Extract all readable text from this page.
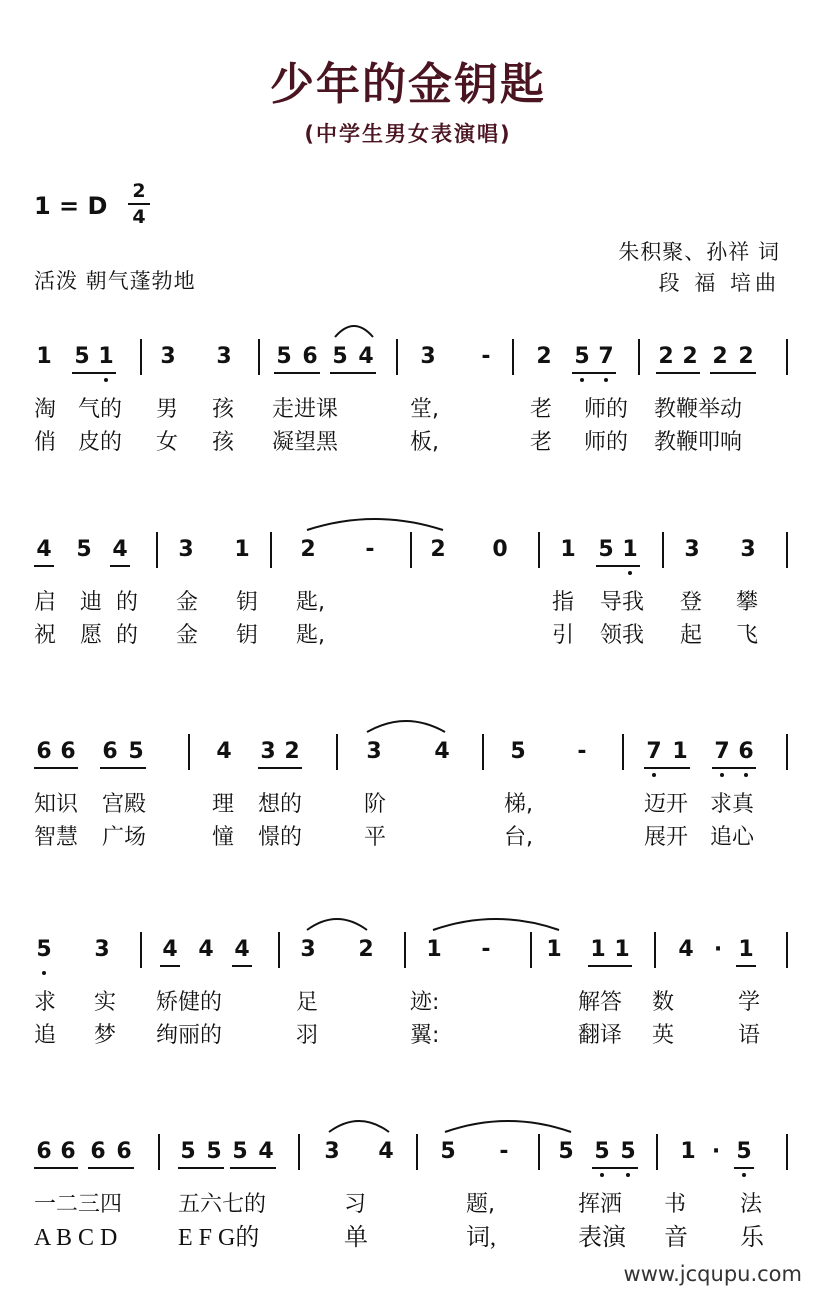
少年的金钥匙
(中学生男女表演唱)
1 = D
2
4
活泼 朝气蓬勃地
朱积聚、孙祥 词
段 福 培曲
www.jcqupu.com
1 5 1 3 3 5 6 5 4 3 - 2 5 7 2 2 2 2
淘 气的 男 孩 走进课	堂,	老 师的 教鞭举动
俏 皮的 女 孩 凝望黑	板,	老 师的 教鞭叩响
4 5 4 3 1 2 -	2 0 1 5 1 3 3
启 迪 的 金 钥 匙,	指 导我 登 攀
祝 愿 的 金 钥 匙,	引 领我 起 飞
6 6 6 5	4 3 2	3 4	5 -	7 1 7 6
知识 宫殿	理 想的	阶	梯,	迈开 求真
智慧 广场	憧 憬的	平	台,	展开 追心
5 3 4 4 4 3 2 1 -	1 1 1 4 · 1
求 实 矫健的	足	迹:	解答 数	学
追 梦 绚丽的	羽	翼:	翻译 英	语
6 6 6 6 5 5 5 4 3 4 5 - 5 5 5 1 · 5
一二三四	五六七的	习	题,	挥洒 书 法
A B C D	E F G的	单	词,	表演 音 乐
